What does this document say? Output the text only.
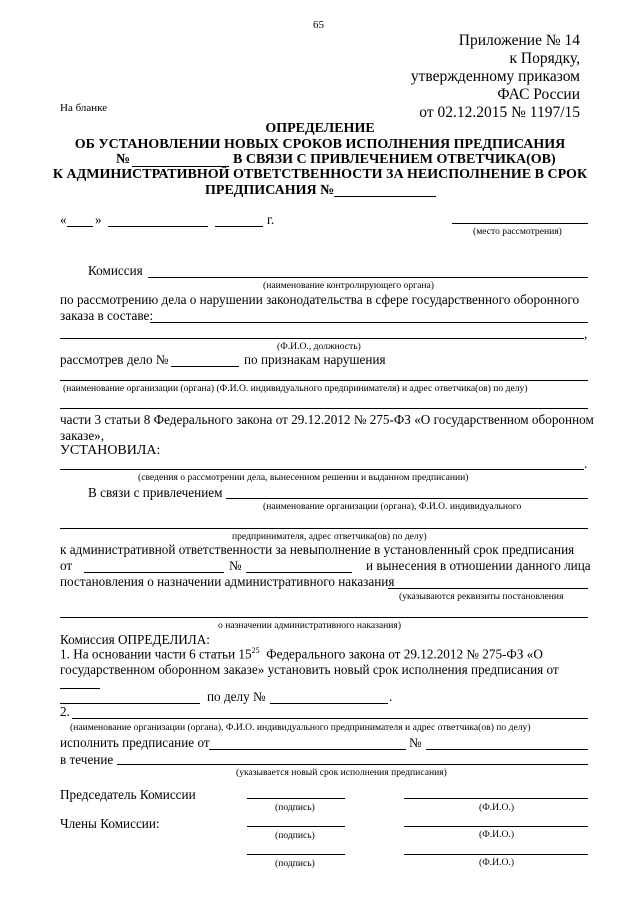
65
Приложение № 14
к Порядку,
утвержденному приказом
ФАС России
от 02.12.2015 № 1197/15
На бланке
ОПРЕДЕЛЕНИЕ
ОБ УСТАНОВЛЕНИИ НОВЫХ СРОКОВ ИСПОЛНЕНИЯ ПРЕДПИСАНИЯ
№	В СВЯЗИ С ПРИВЛЕЧЕНИЕМ ОТВЕТЧИКА(ОВ)
К АДМИНИСТРАТИВНОЙ ОТВЕТСТВЕННОСТИ ЗА НЕИСПОЛНЕНИЕ В СРОК
ПРЕДПИСАНИЯ №
« »	г.
(место рассмотрения)
Комиссия
(наименование контролирующего органа)
по рассмотрению дела о нарушении законодательства в сфере государственного оборонного
заказа в составе:
,
(Ф.И.О., должность)
рассмотрев дело №	по признакам нарушения
(наименование организации (органа) (Ф.И.О. индивидуального предпринимателя) и адрес ответчика(ов) по делу)
части 3 статьи 8 Федерального закона от 29.12.2012 № 275-ФЗ «О государственном оборонном
заказе»,
УСТАНОВИЛА:
.
(сведения о рассмотрении дела, вынесенном решении и выданном предписании)
В связи с привлечением
(наименование организации (органа), Ф.И.О. индивидуального
предпринимателя, адрес ответчика(ов) по делу)
к административной ответственности за невыполнение в установленный срок предписания
от	№	и вынесения в отношении данного лица
постановления о назначении административного наказания
(указываются реквизиты постановления
о назначении административного наказания)
Комиссия ОПРЕДЕЛИЛА:
1. На основании части 6 статьи $15^{25}$ Федерального закона от 29.12.2012 № 275-ФЗ «О
государственном оборонном заказе» установить новый срок исполнения предписания от
по делу №	.
2.
(наименование организации (органа), Ф.И.О. индивидуального предпринимателя и адрес ответчика(ов) по делу)
исполнить предписание от	№
в течение
(указывается новый срок исполнения предписания)
Председатель Комиссии
(подпись)	(Ф.И.О.)
Члены Комиссии:
(подпись)	(Ф.И.О.)
(подпись)	(Ф.И.О.)
